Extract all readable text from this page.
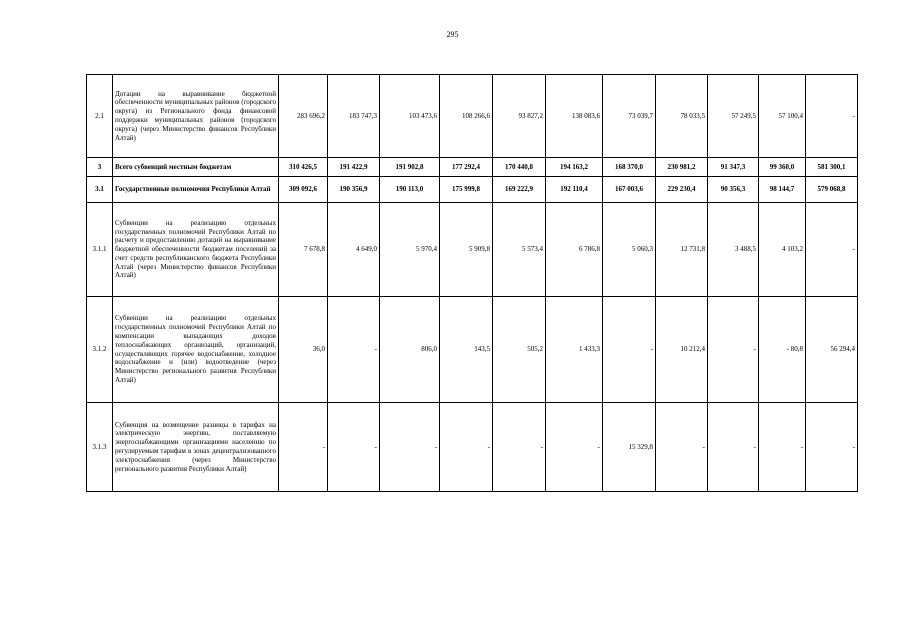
295
2.1	Дотации на выравнивание бюджетной обеспеченности муниципальных районов (городского округа) из Регионального фонда финансовой поддержки муниципальных районов (городского округа) (через Министерство финансов Республики Алтай)	283 696,2	183 747,3	103 473,6	108 266,6	93 827,2	138 083,6	73 039,7	78 033,5	57 249,5	57 100,4	-
3	Всего субвенций местным бюджетам	310 426,5	191 422,9	191 902,8	177 292,4	170 440,8	194 163,2	168 370,0	230 981,2	91 347,3	99 360,0	581 300,1
3.1	Государственные полномочия Республики Алтай	309 092,6	190 356,9	190 113,0	175 999,8	169 222,9	192 110,4	167 003,6	229 230,4	90 356,3	98 144,7	579 068,8
3.1.1	Субвенции на реализацию отдельных государственных полномочий Республики Алтай по расчету и предоставлению дотаций на выравнивание бюджетной обеспеченности бюджетам поселений за счет средств республиканского бюджета Республики Алтай (через Министерство финансов Республики Алтай)	7 678,8	4 649,0	5 970,4	5 909,8	5 573,4	6 786,8	5 060,3	12 731,8	3 488,5	4 103,2	-
3.1.2	Субвенции на реализацию отдельных государственных полномочий Республики Алтай по компенсации выпадающих доходов теплоснабжающих организаций, организаций, осуществляющих горячее водоснабжение, холодное водоснабжение и (или) водоотведение (через Министерство регионального развития Республики Алтай)	36,0	-	806,0	143,5	505,2	1 433,3	-	10 212,4	-	- 80,8	56 294,4
3.1.3	Субвенция на возмещение разницы в тарифах на электрическую энергию, поставляемую энергоснабжающими организациями населению по регулируемым тарифам в зонах децентрализованного электроснабжения (через Министерство регионального развития Республики Алтай)	-	-	-	-	-	-	15 329,8	-	-	-	-
